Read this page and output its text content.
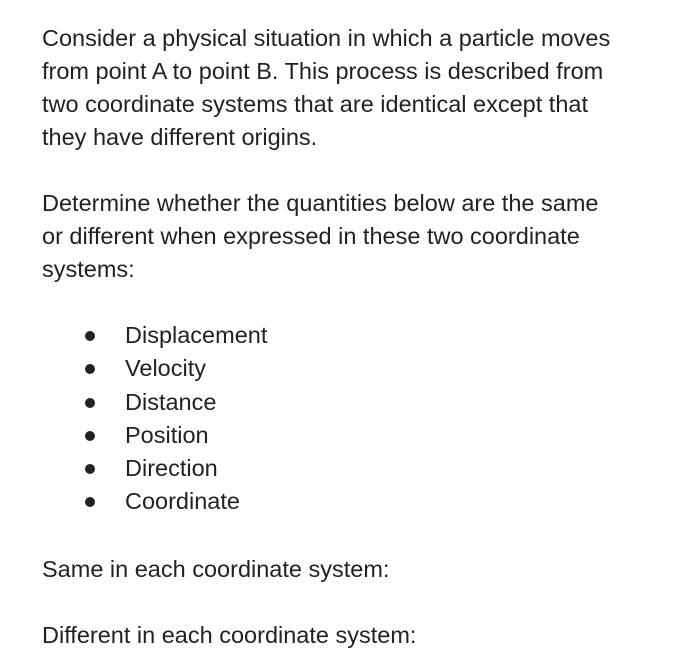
Consider a physical situation in which a particle moves
from point A to point B. This process is described from
two coordinate systems that are identical except that
they have different origins.

Determine whether the quantities below are the same
or different when expressed in these two coordinate
systems:

Displacement
Velocity
Distance
Position
Direction
Coordinate

Same in each coordinate system:

Different in each coordinate system:
